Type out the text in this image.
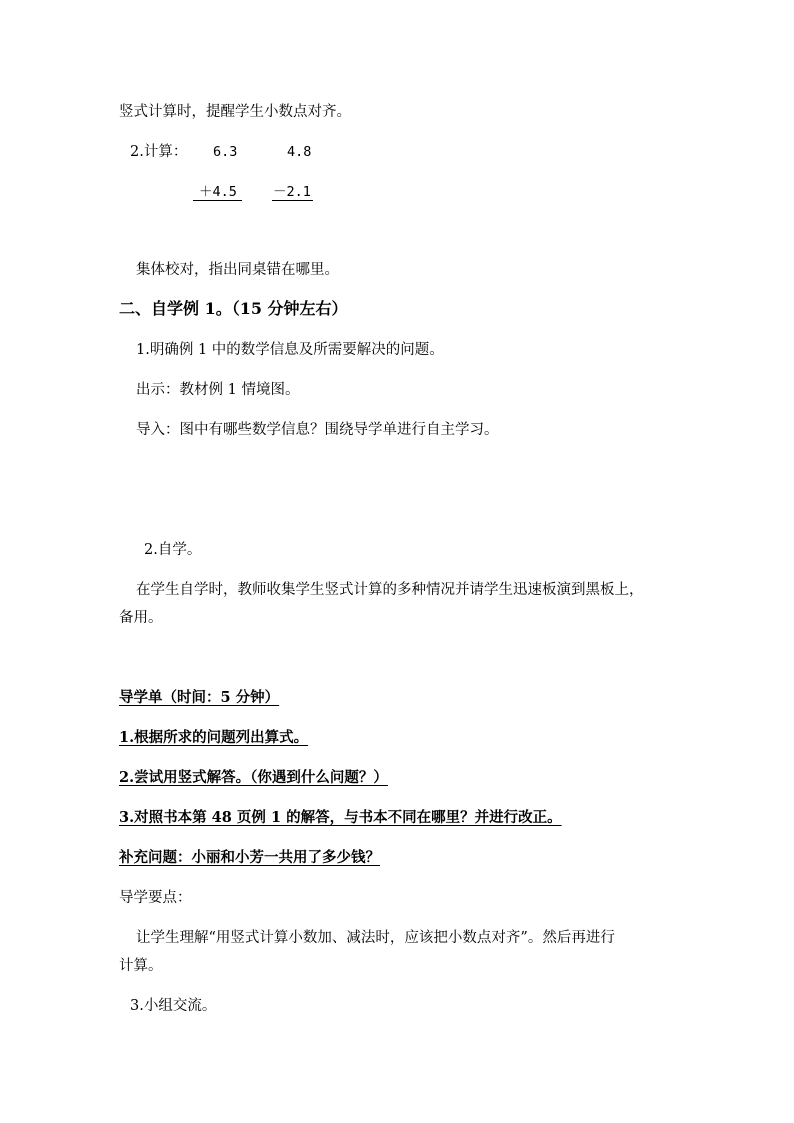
竖式计算时，提醒学生小数点对齐。
2.计算： 6.3	4.8
＋4.5	－2.1
集体校对，指出同桌错在哪里。
二、自学例 1。（15 分钟左右）
1.明确例 1 中的数学信息及所需要解决的问题。
出示：教材例 1 情境图。
导入：图中有哪些数学信息？围绕导学单进行自主学习。
2.自学。
在学生自学时，教师收集学生竖式计算的多种情况并请学生迅速板演到黑板上，
备用。
导学单（时间：5 分钟）
1.根据所求的问题列出算式。
2.尝试用竖式解答。（你遇到什么问题？）
3.对照书本第 48 页例 1 的解答，与书本不同在哪里？并进行改正。
补充问题：小丽和小芳一共用了多少钱？
导学要点：
让学生理解“用竖式计算小数加、减法时，应该把小数点对齐”。然后再进行
计算。
3.小组交流。
